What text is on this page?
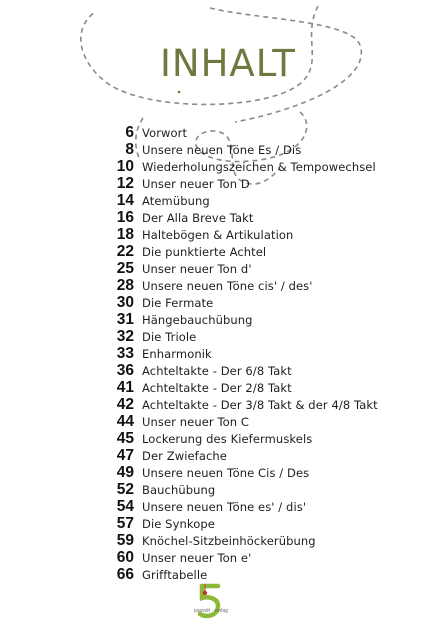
INHALT
6 Vorwort
8 Unsere neuen Töne Es / Dis
10 Wiederholungszeichen & Tempowechsel
12 Unser neuer Ton D
14 Atemübung
16 Der Alla Breve Takt
18 Haltebögen & Artikulation
22 Die punktierte Achtel
25 Unser neuer Ton d'
28 Unsere neuen Töne cis' / des'
30 Die Fermate
31 Hängebauchübung
32 Die Triole
33 Enharmonik
36 Achteltakte - Der 6/8 Takt
41 Achteltakte - Der 2/8 Takt
42 Achteltakte - Der 3/8 Takt & der 4/8 Takt
44 Unser neuer Ton C
45 Lockerung des Kiefermuskels
47 Der Zwiefache
49 Unsere neuen Töne Cis / Des
52 Bauchübung
54 Unsere neuen Töne es' / dis'
57 Die Synkope
59 Knöchel-Sitzbeinhöckerübung
60 Unser neuer Ton e'
66 Grifftabelle
pasvolt · verlag
